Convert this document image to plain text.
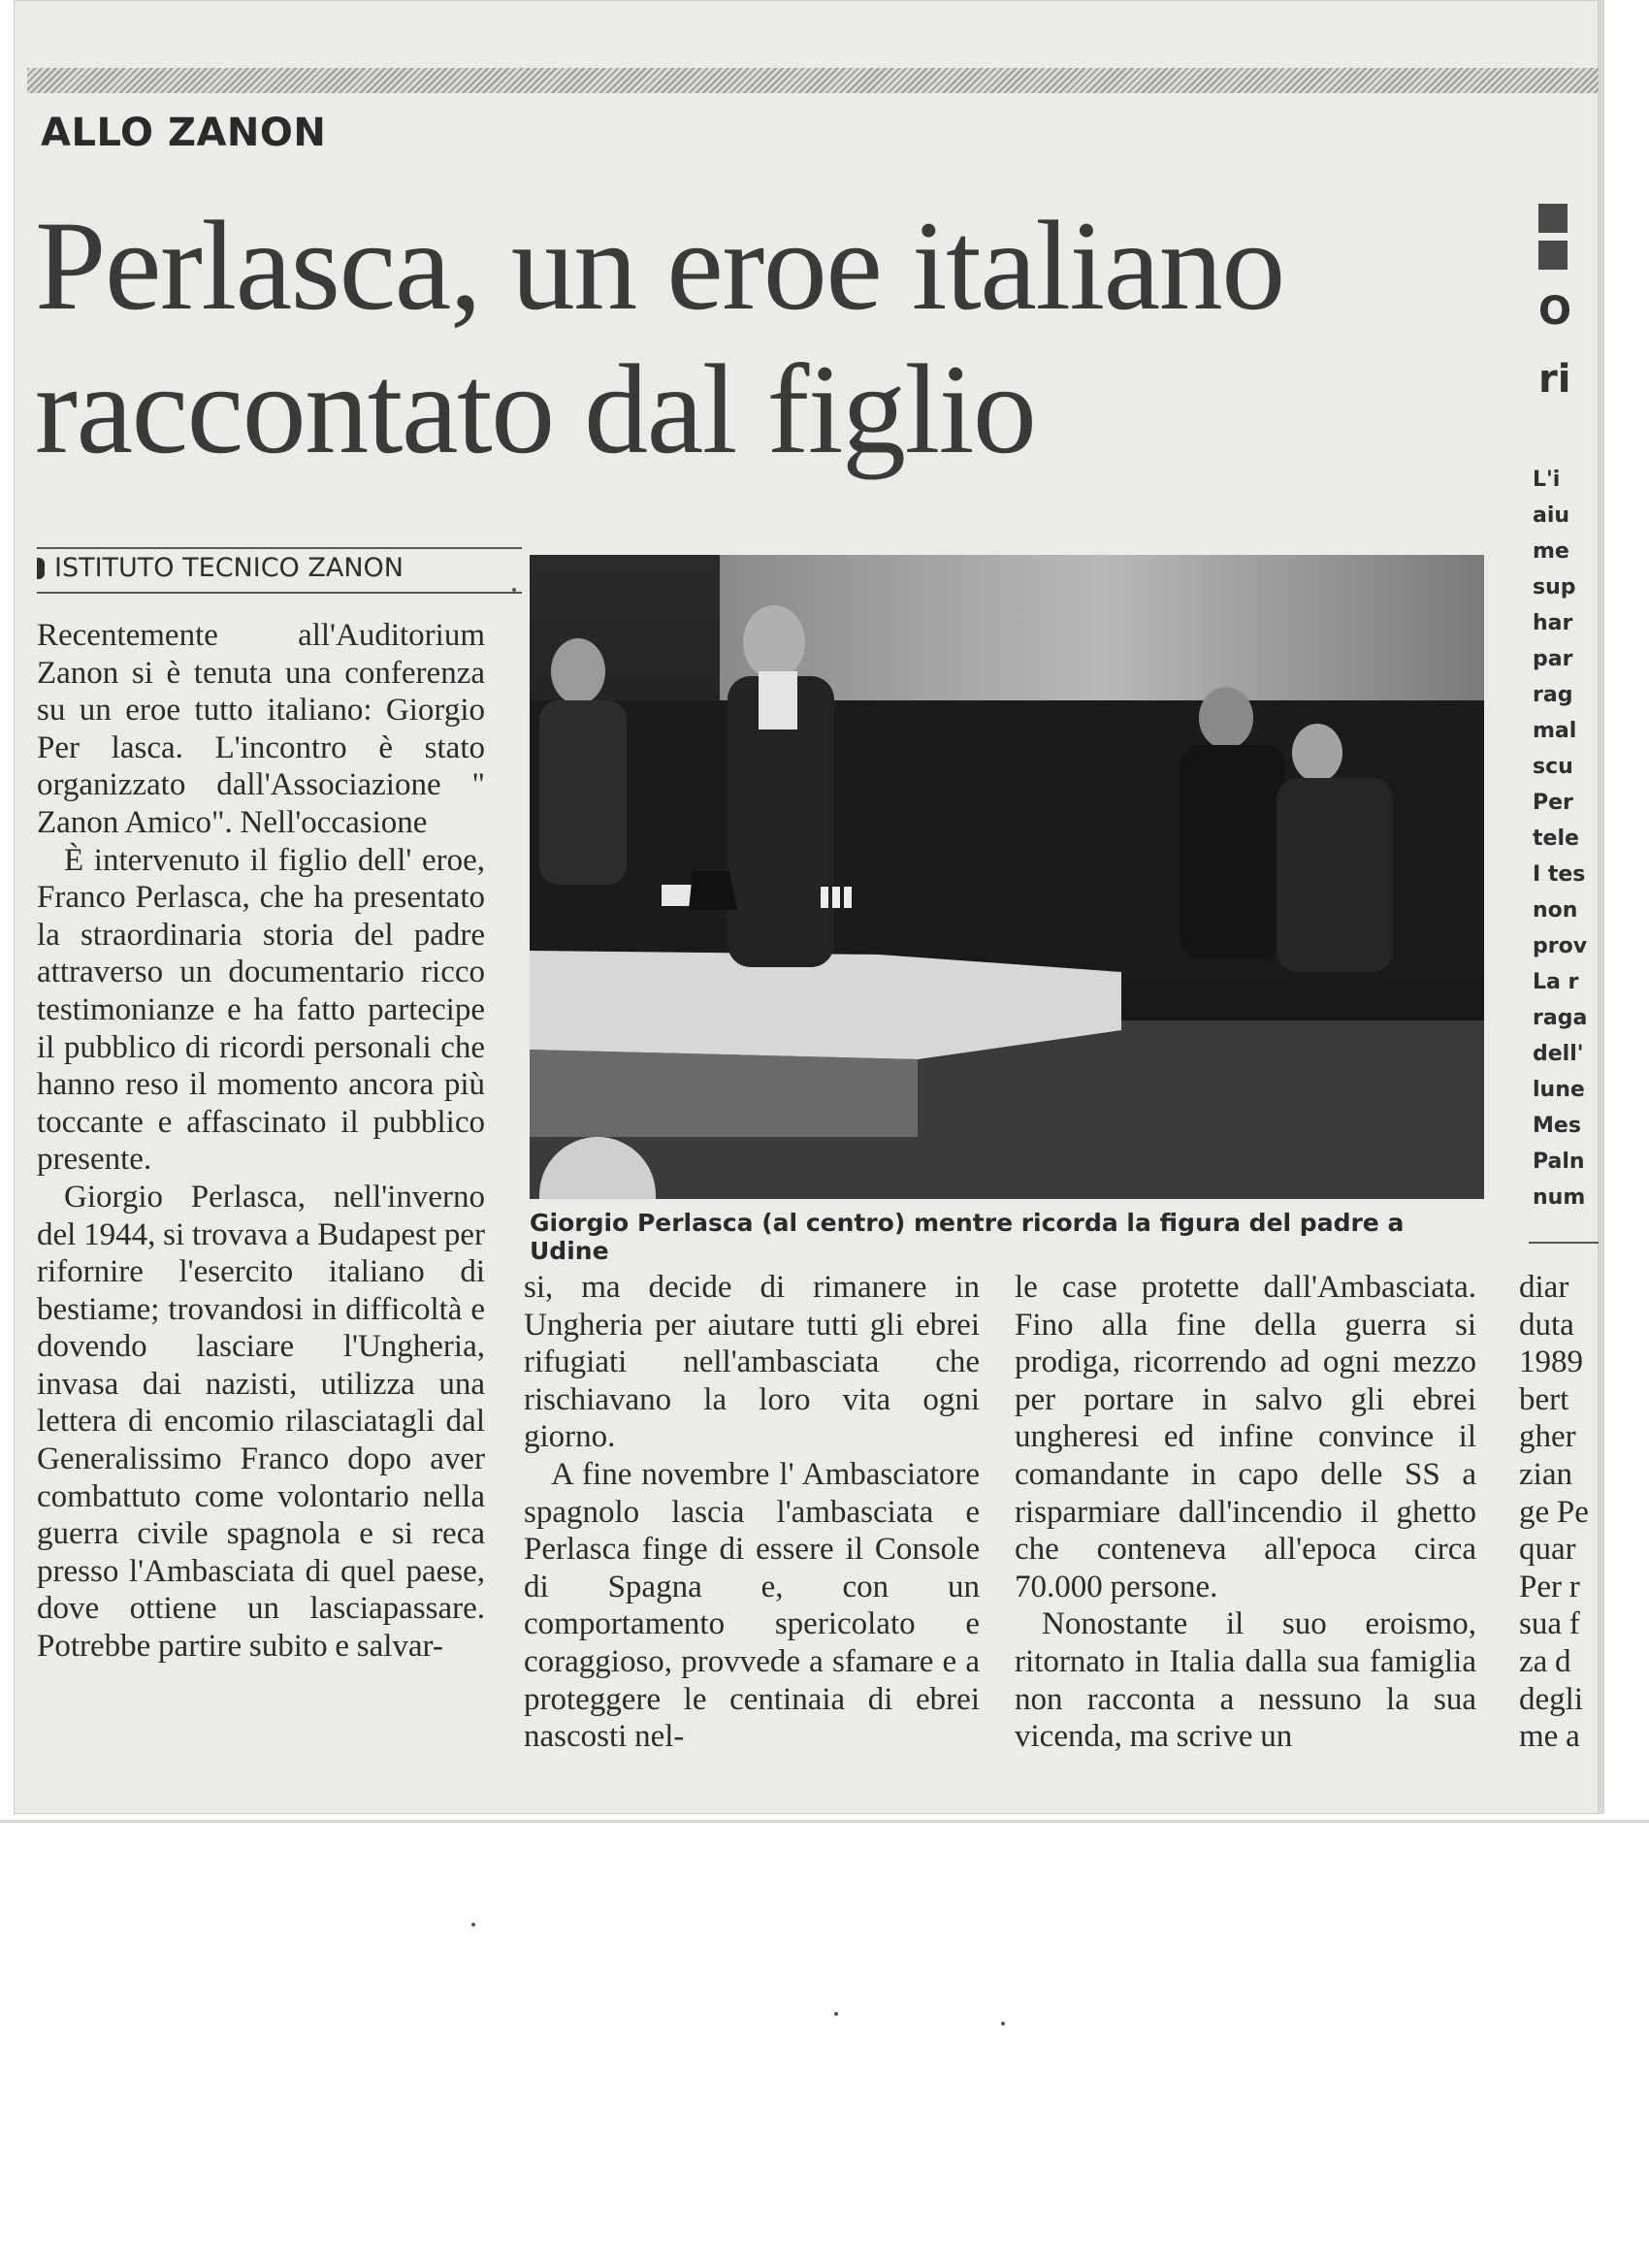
ALLO ZANON
Perlasca, un eroe italiano
raccontato dal figlio
ISTITUTO TECNICO ZANON

Recentemente all'Auditorium Zanon si è tenuta una conferenza su un eroe tutto italiano: Giorgio Per lasca. L'incontro è stato organizzato dall'Associazione " Zanon Amico". Nell'occasione

È intervenuto il figlio dell' eroe, Franco Perlasca, che ha presentato la straordinaria storia del padre attraverso un documentario ricco testimonianze e ha fatto partecipe il pubblico di ricordi personali che hanno reso il momento ancora più toccante e affascinato il pubblico presente.

Giorgio Perlasca, nell'inverno del 1944, si trovava a Budapest per rifornire l'esercito italiano di bestiame; trovandosi in difficoltà e dovendo lasciare l'Ungheria, invasa dai nazisti, utilizza una lettera di encomio rilasciatagli dal Generalissimo Franco dopo aver combattuto come volontario nella guerra civile spagnola e si reca presso l'Ambasciata di quel paese, dove ottiene un lasciapassare. Potrebbe partire subito e salvar-

Giorgio Perlasca (al centro) mentre ricorda la figura del padre a Udine

si, ma decide di rimanere in Ungheria per aiutare tutti gli ebrei rifugiati nell'ambasciata che rischiavano la loro vita ogni giorno.

A fine novembre l' Ambasciatore spagnolo lascia l'ambasciata e Perlasca finge di essere il Console di Spagna e, con un comportamento spericolato e coraggioso, provvede a sfamare e a proteggere le centinaia di ebrei nascosti nel-

le case protette dall'Ambasciata. Fino alla fine della guerra si prodiga, ricorrendo ad ogni mezzo per portare in salvo gli ebrei ungheresi ed infine convince il comandante in capo delle SS a risparmiare dall'incendio il ghetto che conteneva all'epoca circa 70.000 persone.

Nonostante il suo eroismo, ritornato in Italia dalla sua famiglia non racconta a nessuno la sua vicenda, ma scrive un

diar
duta
1989
bert
gher
zian
ge Pe
quar
Per r
sua f
za d
degli
me a
O
ri
L'i
aiu
me
sup
har
par
rag
mal
scu
Per
tele
I tes
non
prov
La r
raga
dell'
lune
Mes
Paln
num
